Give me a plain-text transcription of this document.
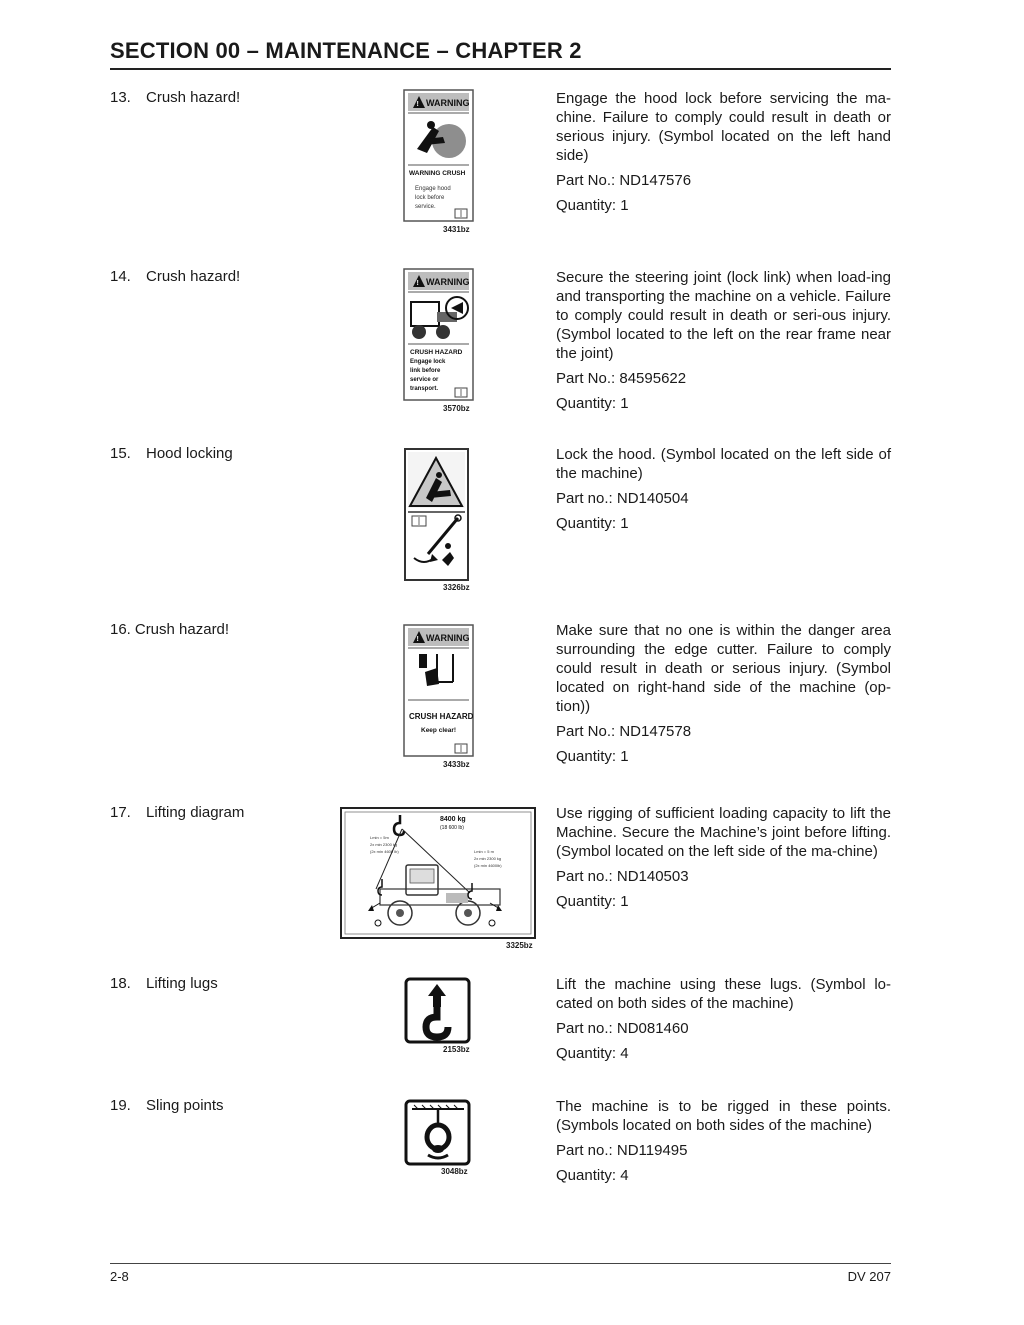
SECTION 00 – MAINTENANCE – CHAPTER 2
13. Crush hazard!	! WARNING
WARNING CRUSH
Engage hood
lock before
service.
3431bz

Engage the hood lock before servicing the ma-chine. Failure to comply could result in death or serious injury. (Symbol located on the left hand side)

Part No.: ND147576

Quantity: 1

14. Crush hazard!	! WARNING
CRUSH HAZARD
Engage lock
link before
service or
transport.
3570bz

Secure the steering joint (lock link) when load-ing and transporting the machine on a vehicle. Failure to comply could result in death or seri-ous injury. (Symbol located to the left on the rear frame near the joint)

Part No.: 84595622

Quantity: 1

15. Hood locking
3326bz

Lock the hood. (Symbol located on the left side of the machine)

Part no.: ND140504

Quantity: 1

16. Crush hazard!
! WARNING
CRUSH HAZARD
Keep clear!
3433bz

Make sure that no one is within the danger area surrounding the edge cutter. Failure to comply could result in death or serious injury. (Symbol located on right-hand side of the machine (op-tion))

Part No.: ND147578

Quantity: 1

17. Lifting diagram	8400 kg
(18 600 lb)
Lmin = 5m
2x min 2300 kg
(2x min 4600 lb)	Lmin = 5 m
2x min 2300 kg
(2x min 4600lb)
3325bz

Use rigging of sufficient loading capacity to lift the Machine. Secure the Machine’s joint before lifting. (Symbol located on the left side of the ma-chine)

Part no.: ND140503

Quantity: 1

18. Lifting lugs
2153bz

Lift the machine using these lugs. (Symbol lo-cated on both sides of the machine)

Part no.: ND081460

Quantity: 4

19. Sling points
3048bz

The machine is to be rigged in these points. (Symbols located on both sides of the machine)

Part no.: ND119495

Quantity: 4

2-8	DV 207
